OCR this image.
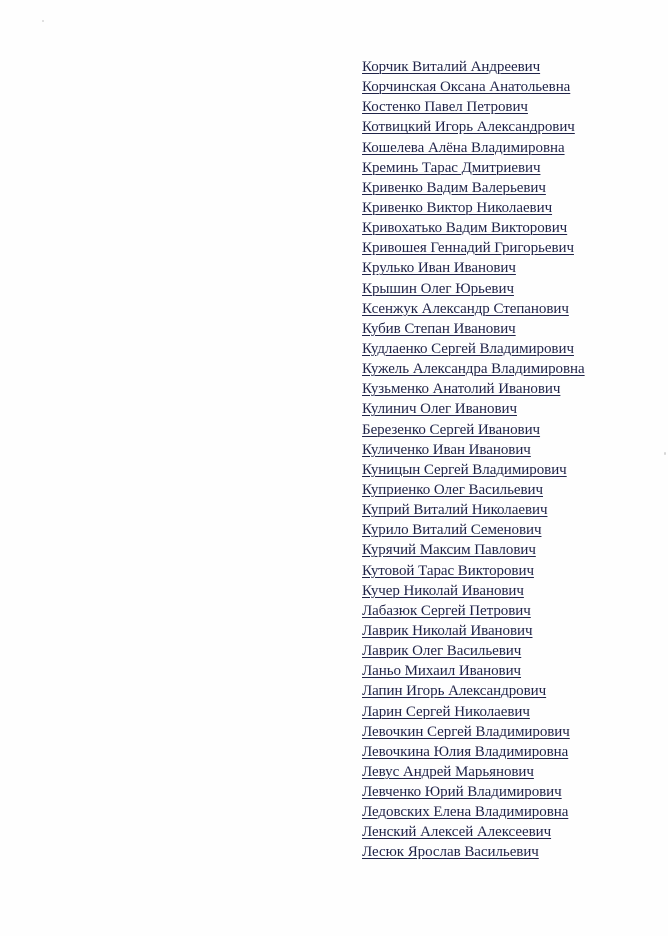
Корчик Виталий Андреевич
Корчинская Оксана Анатольевна
Костенко Павел Петрович
Котвицкий Игорь Александрович
Кошелева Алёна Владимировна
Креминь Тарас Дмитриевич
Кривенко Вадим Валерьевич
Кривенко Виктор Николаевич
Кривохатько Вадим Викторович
Кривошея Геннадий Григорьевич
Крулько Иван Иванович
Крышин Олег Юрьевич
Ксенжук Александр Степанович
Кубив Степан Иванович
Кудлаенко Сергей Владимирович
Кужель Александра Владимировна
Кузьменко Анатолий Иванович
Кулинич Олег Иванович
Березенко Сергей Иванович
Куличенко Иван Иванович
Куницын Сергей Владимирович
Куприенко Олег Васильевич
Куприй Виталий Николаевич
Курило Виталий Семенович
Курячий Максим Павлович
Кутовой Тарас Викторович
Кучер Николай Иванович
Лабазюк Сергей Петрович
Лаврик Николай Иванович
Лаврик Олег Васильевич
Ланьо Михаил Иванович
Лапин Игорь Александрович
Ларин Сергей Николаевич
Левочкин Сергей Владимирович
Левочкина Юлия Владимировна
Левус Андрей Марьянович
Левченко Юрий Владимирович
Ледовских Елена Владимировна
Ленский Алексей Алексеевич
Лесюк Ярослав Васильевич
